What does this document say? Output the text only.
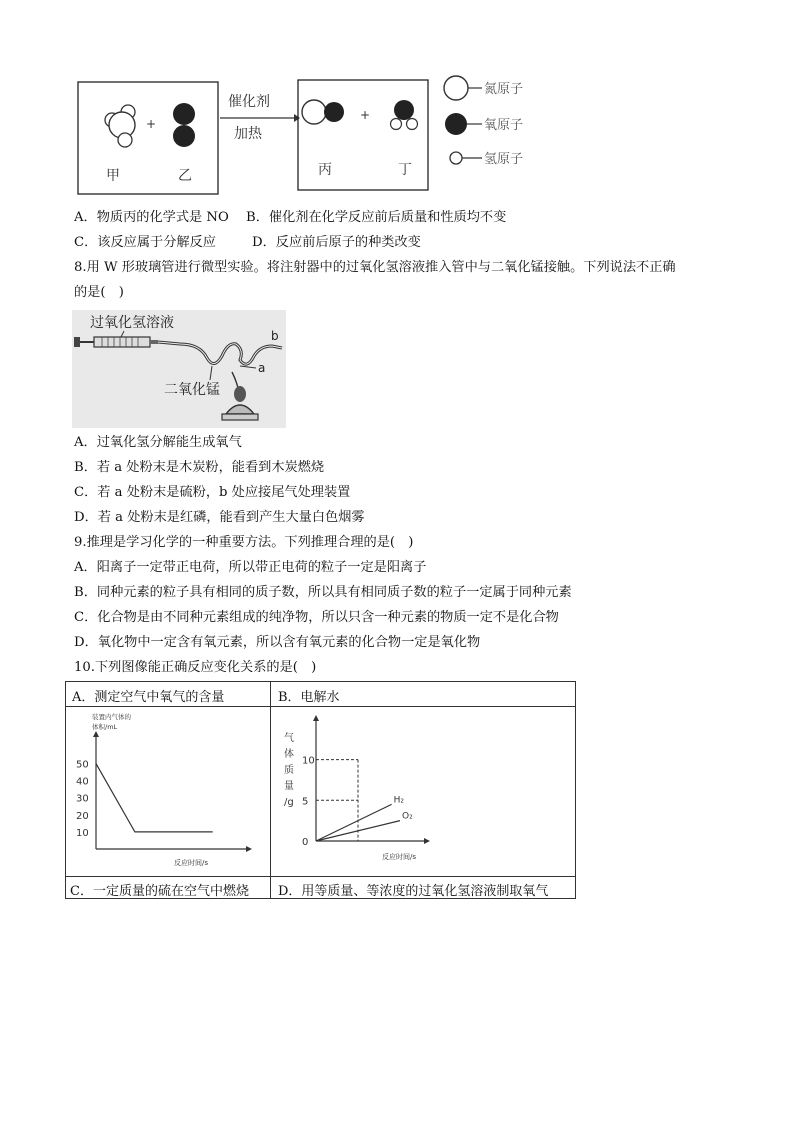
+
甲	乙
催化剂
加热
+
丙	丁
氮原子
氧原子
氢原子
A．物质丙的化学式是 NO B．催化剂在化学反应前后质量和性质均不变
C．该反应属于分解反应	D．反应前后原子的种类改变
8.用 W 形玻璃管进行微型实验。将注射器中的过氧化氢溶液推入管中与二氧化锰接触。下列说法不正确
的是(　)
过氧化氢溶液
b
a
二氧化锰
A．过氧化氢分解能生成氧气
B．若 a 处粉末是木炭粉，能看到木炭燃烧
C．若 a 处粉末是硫粉，b 处应接尾气处理装置
D．若 a 处粉末是红磷，能看到产生大量白色烟雾
9.推理是学习化学的一种重要方法。下列推理合理的是(　)
A．阳离子一定带正电荷，所以带正电荷的粒子一定是阳离子
B．同种元素的粒子具有相同的质子数，所以具有相同质子数的粒子一定属于同种元素
C．化合物是由不同种元素组成的纯净物，所以只含一种元素的物质一定不是化合物
D．氧化物中一定含有氧元素，所以含有氧元素的化合物一定是氧化物
10.下列图像能正确反应变化关系的是(　)
A．测定空气中氧气的含量	B．电解水
C．一定质量的硫在空气中燃烧 D．用等质量、等浓度的过氧化氢溶液制取氧气
装置内气体的
体积/mL
50
40
30
20
10
反应时间/s
气
体
质
量
/g
10
5
0
反应时间/s
H₂
O₂
